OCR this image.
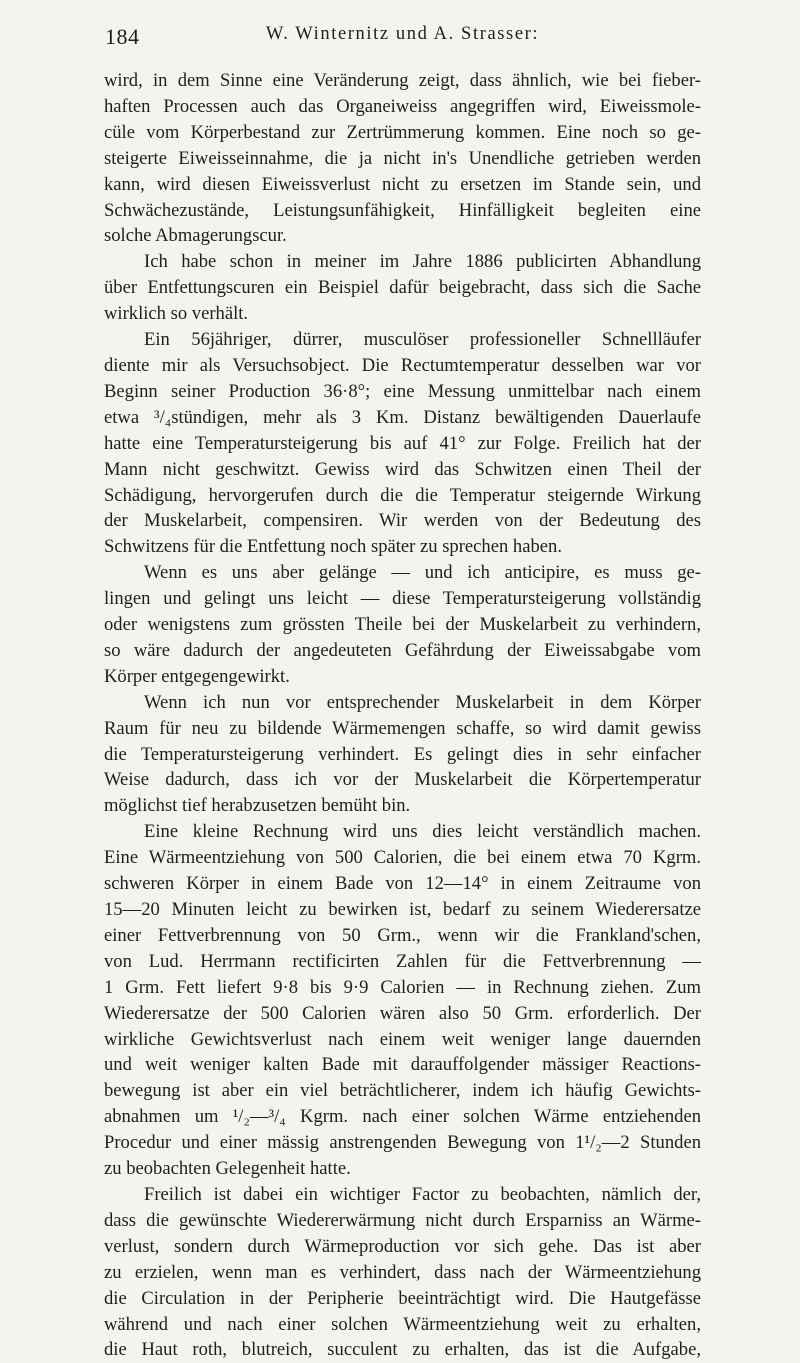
184	W. Winternitz und A. Strasser:
wird, in dem Sinne eine Veränderung zeigt, dass ähnlich, wie bei fieber-
haften Processen auch das Organeiweiss angegriffen wird, Eiweissmole-
cüle vom Körperbestand zur Zertrümmerung kommen. Eine noch so ge-
steigerte Eiweisseinnahme, die ja nicht in's Unendliche getrieben werden
kann, wird diesen Eiweissverlust nicht zu ersetzen im Stande sein, und
Schwächezustände, Leistungsunfähigkeit, Hinfälligkeit begleiten eine
solche Abmagerungscur.
Ich habe schon in meiner im Jahre 1886 publicirten Abhandlung
über Entfettungscuren ein Beispiel dafür beigebracht, dass sich die Sache
wirklich so verhält.
Ein 56jähriger, dürrer, musculöser professioneller Schnellläufer
diente mir als Versuchsobject. Die Rectumtemperatur desselben war vor
Beginn seiner Production 36·8°; eine Messung unmittelbar nach einem
etwa ³/₄stündigen, mehr als 3 Km. Distanz bewältigenden Dauerlaufe
hatte eine Temperatursteigerung bis auf 41° zur Folge. Freilich hat der
Mann nicht geschwitzt. Gewiss wird das Schwitzen einen Theil der
Schädigung, hervorgerufen durch die die Temperatur steigernde Wirkung
der Muskelarbeit, compensiren. Wir werden von der Bedeutung des
Schwitzens für die Entfettung noch später zu sprechen haben.
Wenn es uns aber gelänge — und ich anticipire, es muss ge-
lingen und gelingt uns leicht — diese Temperatursteigerung vollständig
oder wenigstens zum grössten Theile bei der Muskelarbeit zu verhindern,
so wäre dadurch der angedeuteten Gefährdung der Eiweissabgabe vom
Körper entgegengewirkt.
Wenn ich nun vor entsprechender Muskelarbeit in dem Körper
Raum für neu zu bildende Wärmemengen schaffe, so wird damit gewiss
die Temperatursteigerung verhindert. Es gelingt dies in sehr einfacher
Weise dadurch, dass ich vor der Muskelarbeit die Körpertemperatur
möglichst tief herabzusetzen bemüht bin.
Eine kleine Rechnung wird uns dies leicht verständlich machen.
Eine Wärmeentziehung von 500 Calorien, die bei einem etwa 70 Kgrm.
schweren Körper in einem Bade von 12—14° in einem Zeitraume von
15—20 Minuten leicht zu bewirken ist, bedarf zu seinem Wiederersatze
einer Fettverbrennung von 50 Grm., wenn wir die Frankland'schen,
von Lud. Herrmann rectificirten Zahlen für die Fettverbrennung —
1 Grm. Fett liefert 9·8 bis 9·9 Calorien — in Rechnung ziehen. Zum
Wiederersatze der 500 Calorien wären also 50 Grm. erforderlich. Der
wirkliche Gewichtsverlust nach einem weit weniger lange dauernden
und weit weniger kalten Bade mit darauffolgender mässiger Reactions-
bewegung ist aber ein viel beträchtlicherer, indem ich häufig Gewichts-
abnahmen um ¹/₂—³/₄ Kgrm. nach einer solchen Wärme entziehenden
Procedur und einer mässig anstrengenden Bewegung von 1¹/₂—2 Stunden
zu beobachten Gelegenheit hatte.
Freilich ist dabei ein wichtiger Factor zu beobachten, nämlich der,
dass die gewünschte Wiedererwärmung nicht durch Ersparniss an Wärme-
verlust, sondern durch Wärmeproduction vor sich gehe. Das ist aber
zu erzielen, wenn man es verhindert, dass nach der Wärmeentziehung
die Circulation in der Peripherie beeinträchtigt wird. Die Hautgefässe
während und nach einer solchen Wärmeentziehung weit zu erhalten,
die Haut roth, blutreich, succulent zu erhalten, das ist die Aufgabe,
